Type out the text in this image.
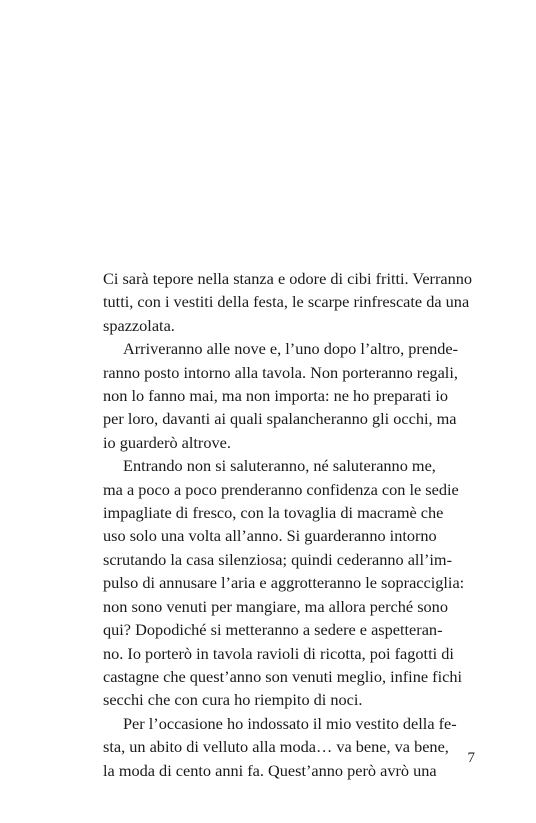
Ci sarà tepore nella stanza e odore di cibi fritti. Verranno
tutti, con i vestiti della festa, le scarpe rinfrescate da una
spazzolata.
Arriveranno alle nove e, l’uno dopo l’altro, prende-
ranno posto intorno alla tavola. Non porteranno regali,
non lo fanno mai, ma non importa: ne ho preparati io
per loro, davanti ai quali spalancheranno gli occhi, ma
io guarderò altrove.
Entrando non si saluteranno, né saluteranno me,
ma a poco a poco prenderanno confidenza con le sedie
impagliate di fresco, con la tovaglia di macramè che
uso solo una volta all’anno. Si guarderanno intorno
scrutando la casa silenziosa; quindi cederanno all’im-
pulso di annusare l’aria e aggrotteranno le sopracciglia:
non sono venuti per mangiare, ma allora perché sono
qui? Dopodiché si metteranno a sedere e aspetteran-
no. Io porterò in tavola ravioli di ricotta, poi fagotti di
castagne che quest’anno son venuti meglio, infine fichi
secchi che con cura ho riempito di noci.
Per l’occasione ho indossato il mio vestito della fe-
sta, un abito di velluto alla moda… va bene, va bene,
la moda di cento anni fa. Quest’anno però avrò una
7
